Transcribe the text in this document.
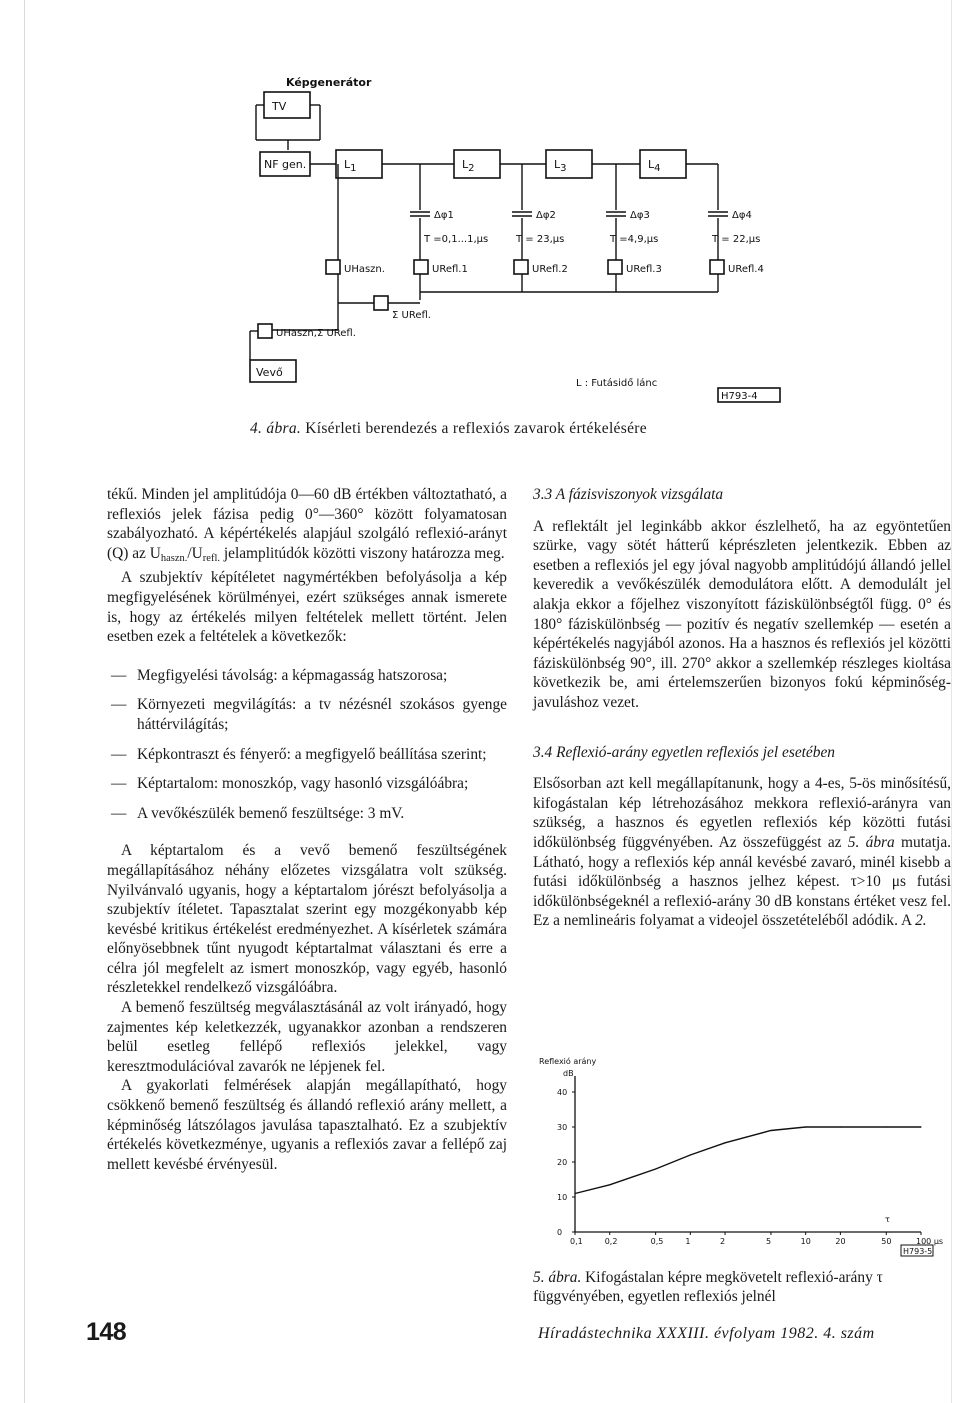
Képgenerátor
TV
NF gen.	L1	L2	L3	L4
Δφ1	Δφ2	Δφ3	Δφ4
T =0,1...1,μs	T = 23,μs	T =4,9,μs	T = 22,μs
UHaszn.	URefl.1	URefl.2	URefl.3	URefl.4
Σ URefl.
UHaszn,Σ URefl.
Vevő
L : Futásidő lánc
H793-4
4. ábra. Kísérleti berendezés a reflexiós zavarok értékelésére

tékű. Minden jel amplitúdója 0—60 dB értékben változtatható, a reflexiós jelek fázisa pedig 0°—360° között folyamatosan szabályozható. A képértékelés alapjául szolgáló reflexió-arányt (Q) az $U_{haszn.}/U_{refl.}$ jelamplitúdók közötti viszony határozza meg.

A szubjektív képítéletet nagymértékben befolyásolja a kép megfigyelésének körülményei, ezért szükséges annak ismerete is, hogy az értékelés milyen feltételek mellett történt. Jelen esetben ezek a feltételek a következők:

— Megfigyelési távolság: a képmagasság hatszorosa;
— Környezeti megvilágítás: a tv nézésnél szokásos gyenge háttérvilágítás;
— Képkontraszt és fényerő: a megfigyelő beállítása szerint;
— Képtartalom: monoszkóp, vagy hasonló vizsgálóábra;
— A vevőkészülék bemenő feszültsége: 3 mV.

A képtartalom és a vevő bemenő feszültségének megállapításához néhány előzetes vizsgálatra volt szükség. Nyilvánvaló ugyanis, hogy a képtartalom jórészt befolyásolja a szubjektív ítéletet. Tapasztalat szerint egy mozgékonyabb kép kevésbé kritikus értékelést eredményezhet. A kísérletek számára előnyösebbnek tűnt nyugodt képtartalmat választani és erre a célra jól megfelelt az ismert monoszkóp, vagy egyéb, hasonló részletekkel rendelkező vizsgálóábra.

A bemenő feszültség megválasztásánál az volt irányadó, hogy zajmentes kép keletkezzék, ugyanakkor azonban a rendszeren belül esetleg fellépő reflexiós jelekkel, vagy keresztmodulációval zavarók ne lépjenek fel.

A gyakorlati felmérések alapján megállapítható, hogy csökkenő bemenő feszültség és állandó reflexió arány mellett, a képminőség látszólagos javulása tapasztalható. Ez a szubjektív értékelés következménye, ugyanis a reflexiós zavar a fellépő zaj mellett kevésbé érvényesül.

3.3 A fázisviszonyok vizsgálata

A reflektált jel leginkább akkor észlelhető, ha az egyöntetűen szürke, vagy sötét hátterű képrészleten jelentkezik. Ebben az esetben a reflexiós jel egy jóval nagyobb amplitúdójú állandó jellel keveredik a vevőkészülék demodulátora előtt. A demodulált jel alakja ekkor a főjelhez viszonyított fáziskülönbségtől függ. 0° és 180° fáziskülönbség — pozitív és negatív szellemkép — esetén a képértékelés nagyjából azonos. Ha a hasznos és reflexiós jel közötti fáziskülönbség 90°, ill. 270° akkor a szellemkép részleges kioltása következik be, ami értelemszerűen bizonyos fokú képminőség-javuláshoz vezet.

3.4 Reflexió-arány egyetlen reflexiós jel esetében

Elsősorban azt kell megállapítanunk, hogy a 4-es, 5-ös minősítésű, kifogástalan kép létrehozásához mekkora reflexió-arányra van szükség, a hasznos és egyetlen reflexiós kép közötti futási időkülönbség függvényében. Az összefüggést az 5. ábra mutatja. Látható, hogy a reflexiós kép annál kevésbé zavaró, minél kisebb a futási időkülönbség a hasznos jelhez képest. τ>10 μs futási időkülönbségeknél a reflexió-arány 30 dB konstans értéket vesz fel. Ez a nemlineáris folyamat a videojel összetételéből adódik. A 2.

Reflexió arány
dB
0
10
20
30
40
0,1	0,2	0,5	1	2	5	10	20	50	100 μs
τ
H793-5
5. ábra. Kifogástalan képre megkövetelt reflexió-arány τ függvényében, egyetlen reflexiós jelnél
148	Híradástechnika XXXIII. évfolyam 1982. 4. szám
